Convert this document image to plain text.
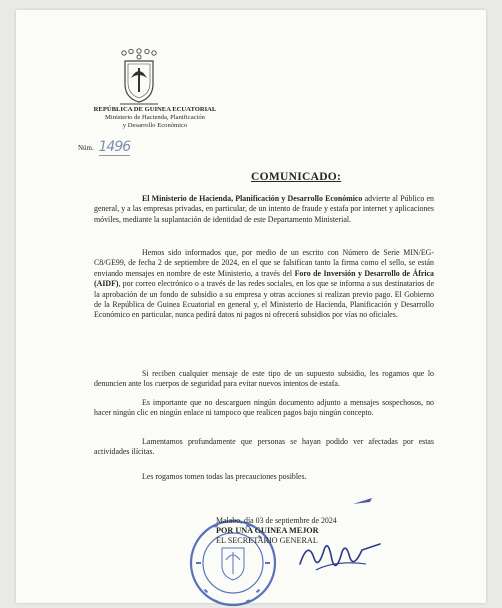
REPÚBLICA DE GUINEA ECUATORIAL
Ministerio de Hacienda, Planificación
y Desarrollo Económico
Núm. 1496
COMUNICADO:

El Ministerio de Hacienda, Planificación y Desarrollo Económico advierte al Público en general, y a las empresas privadas, en particular, de un intento de fraude y estafa por internet y aplicaciones móviles, mediante la suplantación de identidad de este Departamento Ministerial.

Hemos sido informados que, por medio de un escrito con Número de Serie MIN/EG-C8/GE99, de fecha 2 de septiembre de 2024, en el que se falsifican tanto la firma como el sello, se están enviando mensajes en nombre de este Ministerio, a través del Foro de Inversión y Desarrollo de África (AIDF), por correo electrónico o a través de las redes sociales, en los que se informa a sus destinatarios de la aprobación de un fondo de subsidio a su empresa y otras acciones si realizan previo pago. El Gobierno de la República de Guinea Ecuatorial en general y, el Ministerio de Hacienda, Planificación y Desarrollo Económico en particular, nunca pedirá datos ni pagos ni ofrecerá subsidios por vías no oficiales.

Si reciben cualquier mensaje de este tipo de un supuesto subsidio, les rogamos que lo denuncien ante los cuerpos de seguridad para evitar nuevos intentos de estafa.

Es importante que no descarguen ningún documento adjunto a mensajes sospechosos, no hacer ningún clic en ningún enlace ni tampoco que realicen pagos bajo ningún concepto.

Lamentamos profundamente que personas se hayan podido ver afectadas por estas actividades ilícitas.

Les rogamos tomen todas las precauciones posibles.

Malabo, día 03 de septiembre de 2024
POR UNA GUINEA MEJOR
EL SECRETARIO GENERAL
